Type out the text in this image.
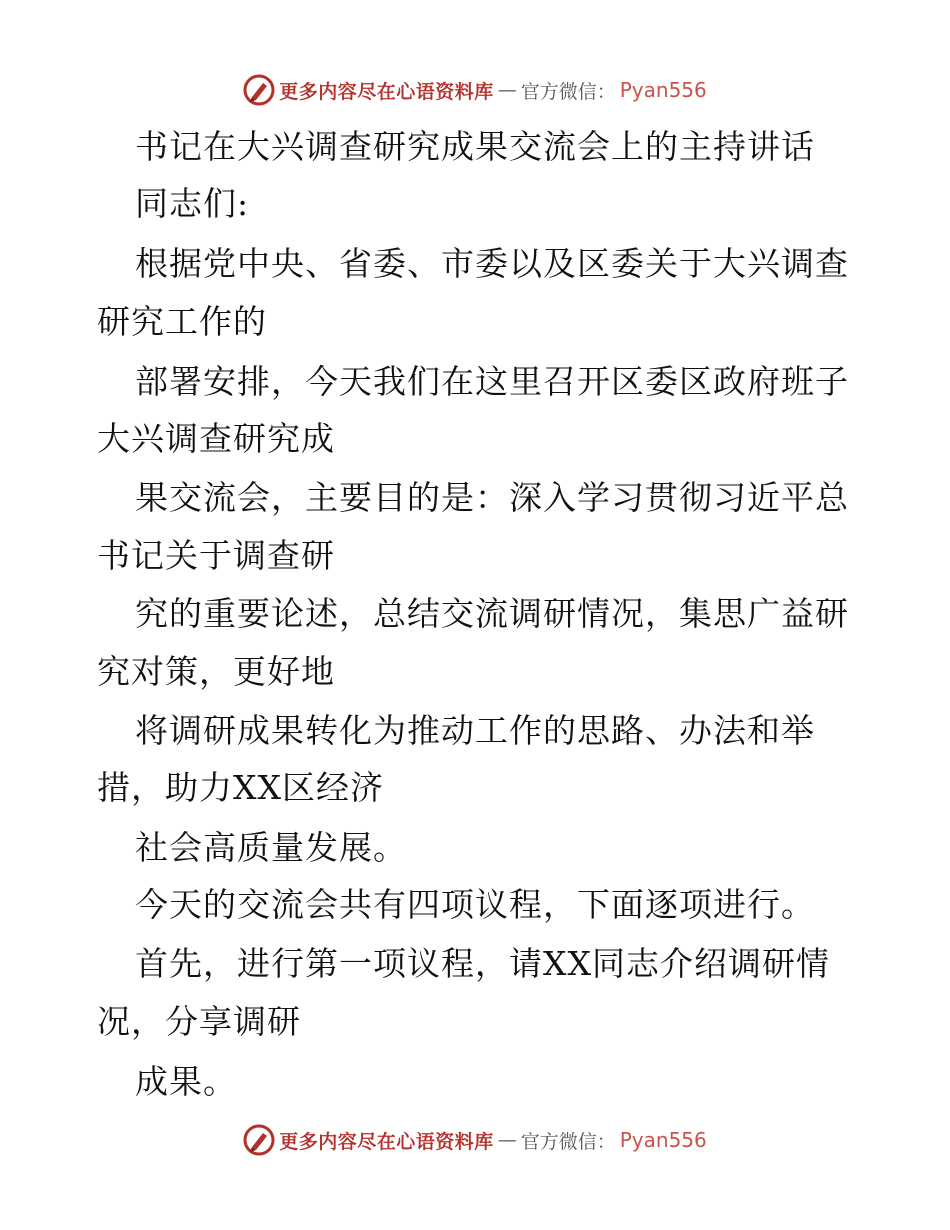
更多内容尽在心语资料库 — 官方微信： Pyan556
书记在大兴调查研究成果交流会上的主持讲话
同志们:
根据党中央、省委、市委以及区委关于大兴调查
研究工作的
部署安排，今天我们在这里召开区委区政府班子
大兴调查研究成
果交流会，主要目的是：深入学习贯彻习近平总
书记关于调查研
究的重要论述，总结交流调研情况，集思广益研
究对策，更好地
将调研成果转化为推动工作的思路、办法和举
措，助力XX区经济
社会高质量发展。
今天的交流会共有四项议程，下面逐项进行。
首先，进行第一项议程，请XX同志介绍调研情
况，分享调研
成果。
更多内容尽在心语资料库 — 官方微信： Pyan556
